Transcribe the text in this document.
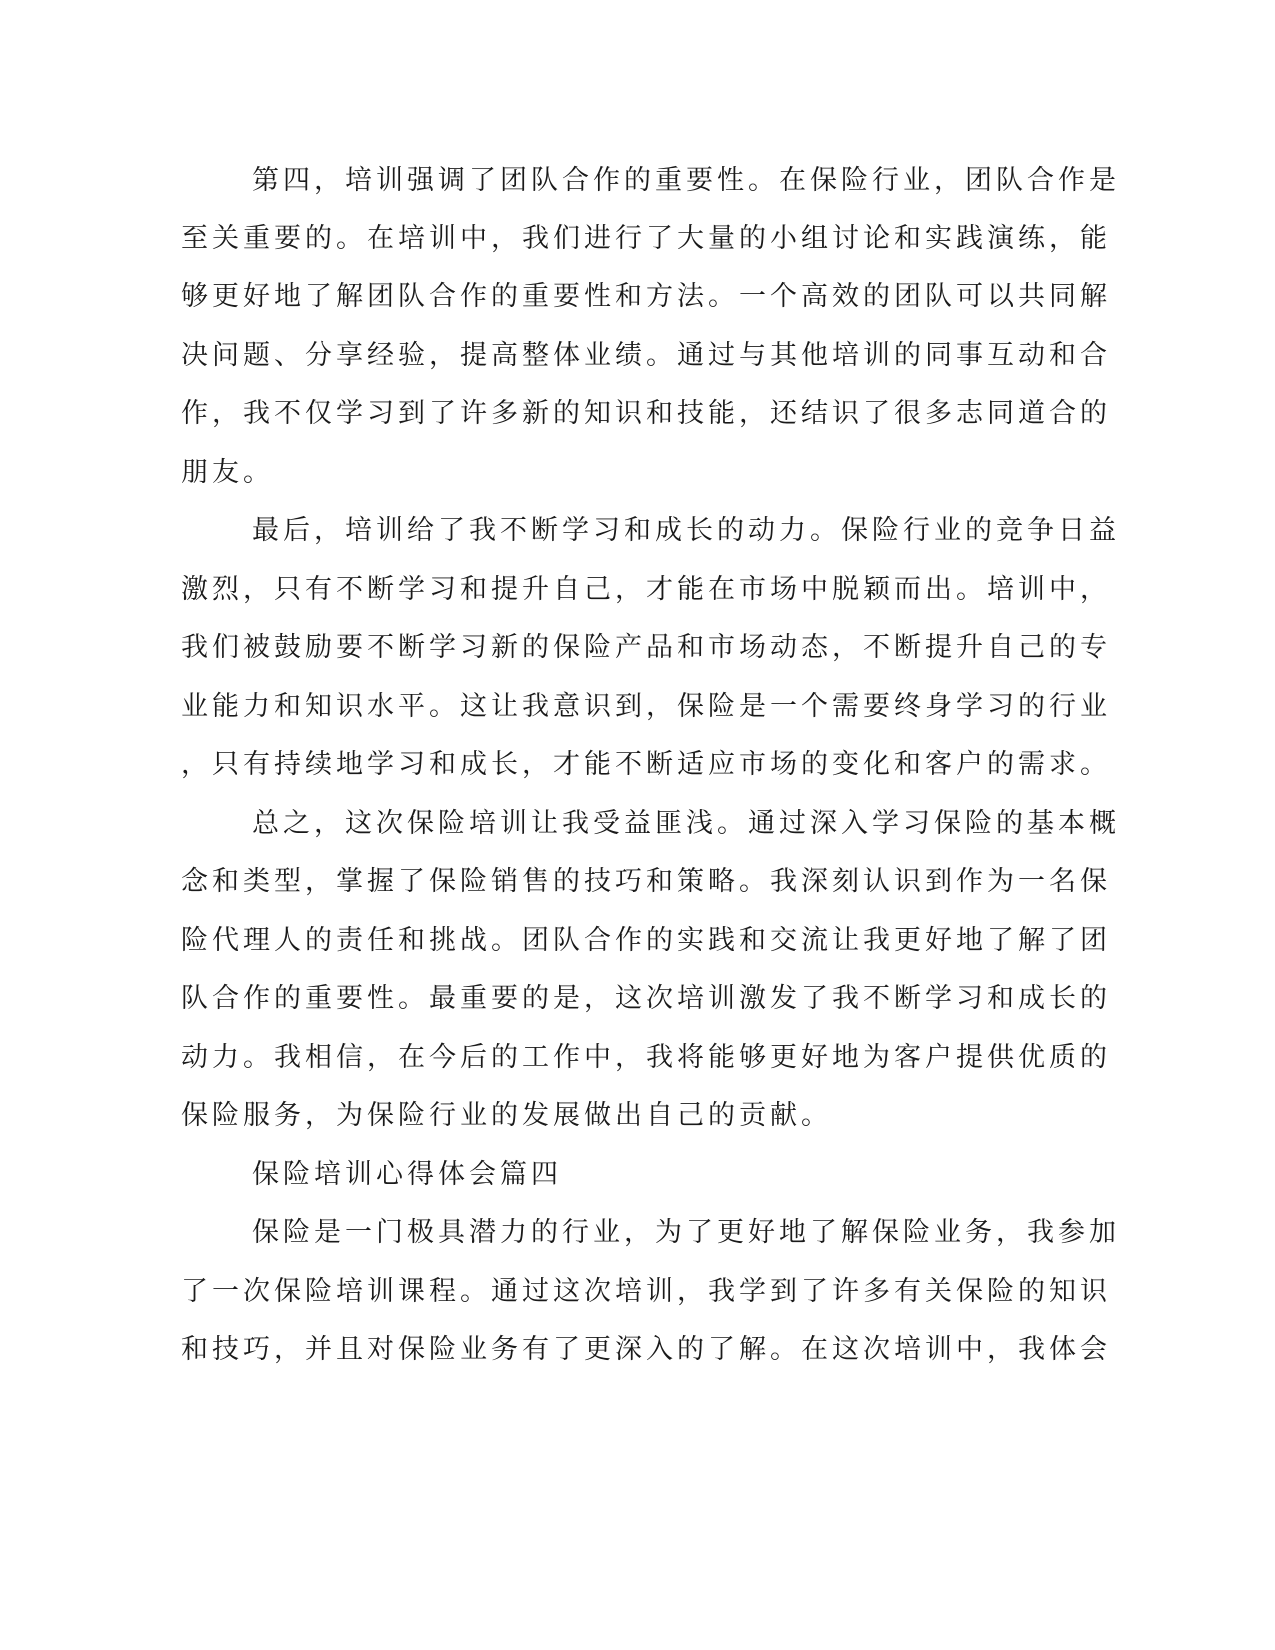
第四，培训强调了团队合作的重要性。在保险行业，团队合作是

至关重要的。在培训中，我们进行了大量的小组讨论和实践演练，能

够更好地了解团队合作的重要性和方法。一个高效的团队可以共同解

决问题、分享经验，提高整体业绩。通过与其他培训的同事互动和合

作，我不仅学习到了许多新的知识和技能，还结识了很多志同道合的

朋友。

最后，培训给了我不断学习和成长的动力。保险行业的竞争日益

激烈，只有不断学习和提升自己，才能在市场中脱颖而出。培训中，

我们被鼓励要不断学习新的保险产品和市场动态，不断提升自己的专

业能力和知识水平。这让我意识到，保险是一个需要终身学习的行业

，只有持续地学习和成长，才能不断适应市场的变化和客户的需求。

总之，这次保险培训让我受益匪浅。通过深入学习保险的基本概

念和类型，掌握了保险销售的技巧和策略。我深刻认识到作为一名保

险代理人的责任和挑战。团队合作的实践和交流让我更好地了解了团

队合作的重要性。最重要的是，这次培训激发了我不断学习和成长的

动力。我相信，在今后的工作中，我将能够更好地为客户提供优质的

保险服务，为保险行业的发展做出自己的贡献。

保险培训心得体会篇四

保险是一门极具潜力的行业，为了更好地了解保险业务，我参加

了一次保险培训课程。通过这次培训，我学到了许多有关保险的知识

和技巧，并且对保险业务有了更深入的了解。在这次培训中，我体会
